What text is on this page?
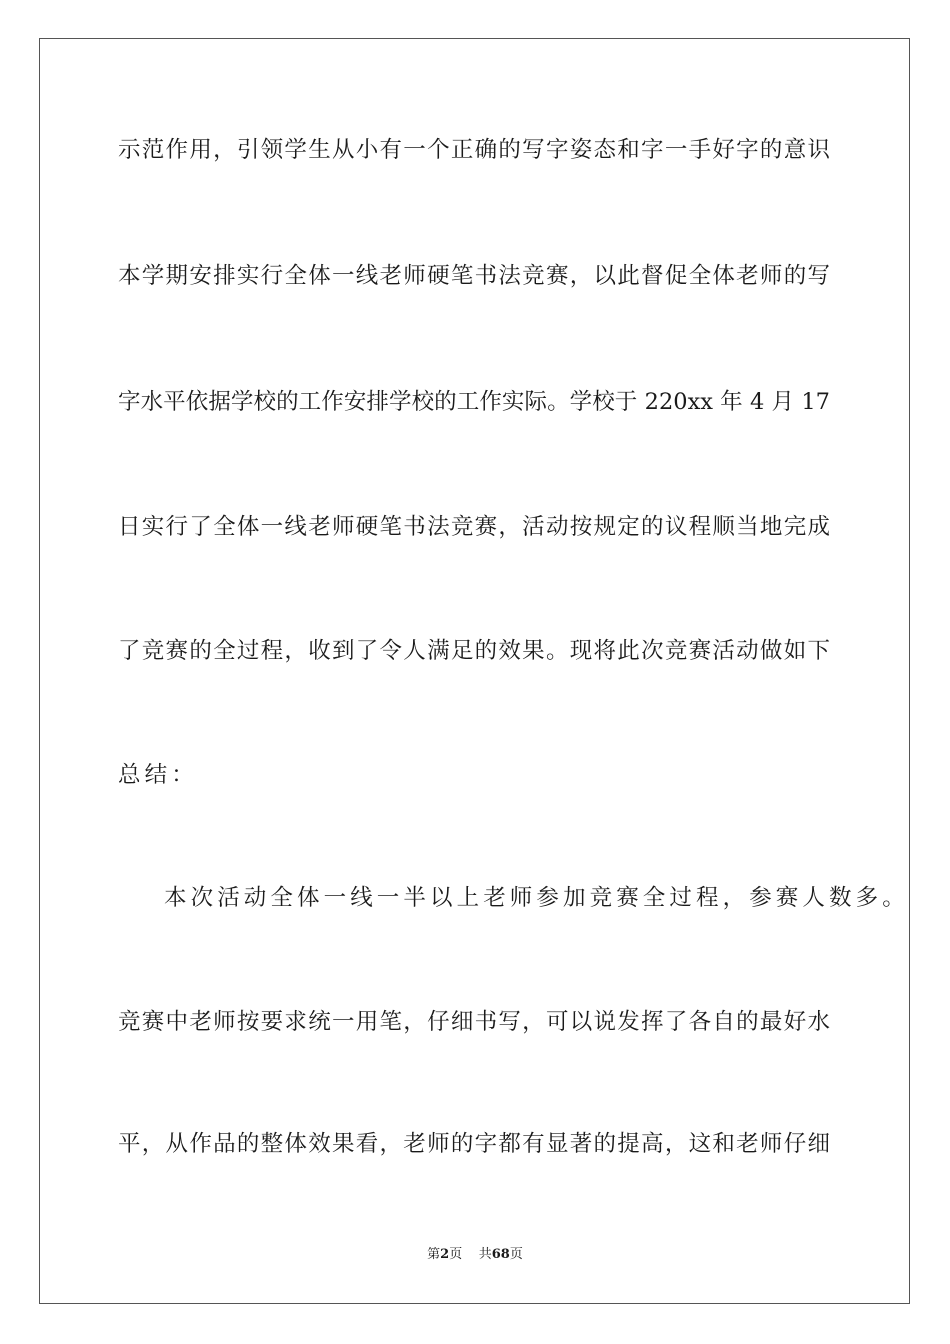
示范作用，引领学生从小有一个正确的写字姿态和字一手好字的意识
本学期安排实行全体一线老师硬笔书法竞赛，以此督促全体老师的写
字水平依据学校的工作安排学校的工作实际。学校于 220xx 年 4 月 17
日实行了全体一线老师硬笔书法竞赛，活动按规定的议程顺当地完成
了竞赛的全过程，收到了令人满足的效果。现将此次竞赛活动做如下
总结：
本次活动全体一线一半以上老师参加竞赛全过程，参赛人数多。
竞赛中老师按要求统一用笔，仔细书写，可以说发挥了各自的最好水
平，从作品的整体效果看，老师的字都有显著的提高，这和老师仔细
第2页 共68页
